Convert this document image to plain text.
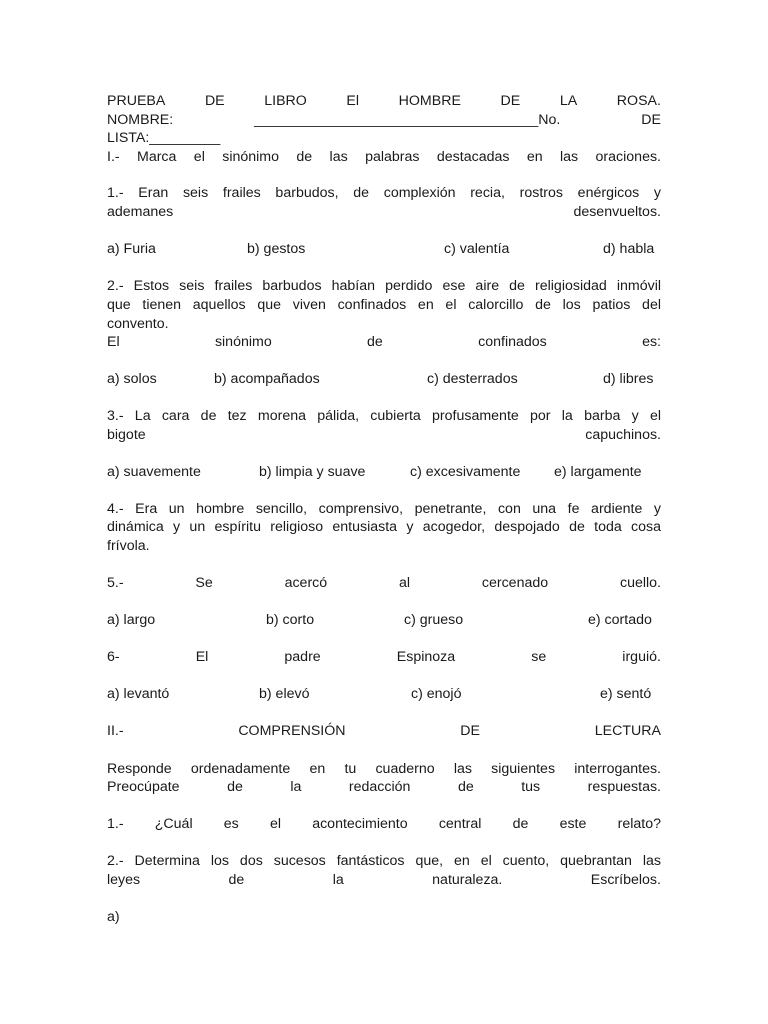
PRUEBA	DE	LIBRO	El	HOMBRE	DE	LA	ROSA.
NOMBRE:	____________________________________No.	DE
LISTA:_________
I.- Marca el sinónimo de las palabras destacadas en las oraciones.
1.- Eran seis frailes barbudos, de complexión recia, rostros enérgicos y
ademanes	desenvueltos.
a) Furia	b) gestos	c) valentía	d) habla
2.- Estos seis frailes barbudos habían perdido ese aire de religiosidad inmóvil
que tienen aquellos que viven confinados en el calorcillo de los patios del
convento.
El	sinónimo	de	confinados	es:
a) solos	b) acompañados	c) desterrados	d) libres
3.- La cara de tez morena pálida, cubierta profusamente por la barba y el
bigote	capuchinos.
a) suavemente	b) limpia y suave	c) excesivamente e) largamente
4.- Era un hombre sencillo, comprensivo, penetrante, con una fe ardiente y
dinámica y un espíritu religioso entusiasta y acogedor, despojado de toda cosa
frívola.
5.-	Se	acercó	al	cercenado	cuello.
a) largo	b) corto	c) grueso	e) cortado
6-	El	padre	Espinoza	se	irguió.
a) levantó	b) elevó	c) enojó	e) sentó
II.-	COMPRENSIÓN	DE	LECTURA
Responde ordenadamente en tu cuaderno las siguientes interrogantes.
Preocúpate	de	la	redacción	de	tus	respuestas.
1.- ¿Cuál es el acontecimiento central de este relato?
2.- Determina los dos sucesos fantásticos que, en el cuento, quebrantan las
leyes	de	la	naturaleza.	Escríbelos.
a)
